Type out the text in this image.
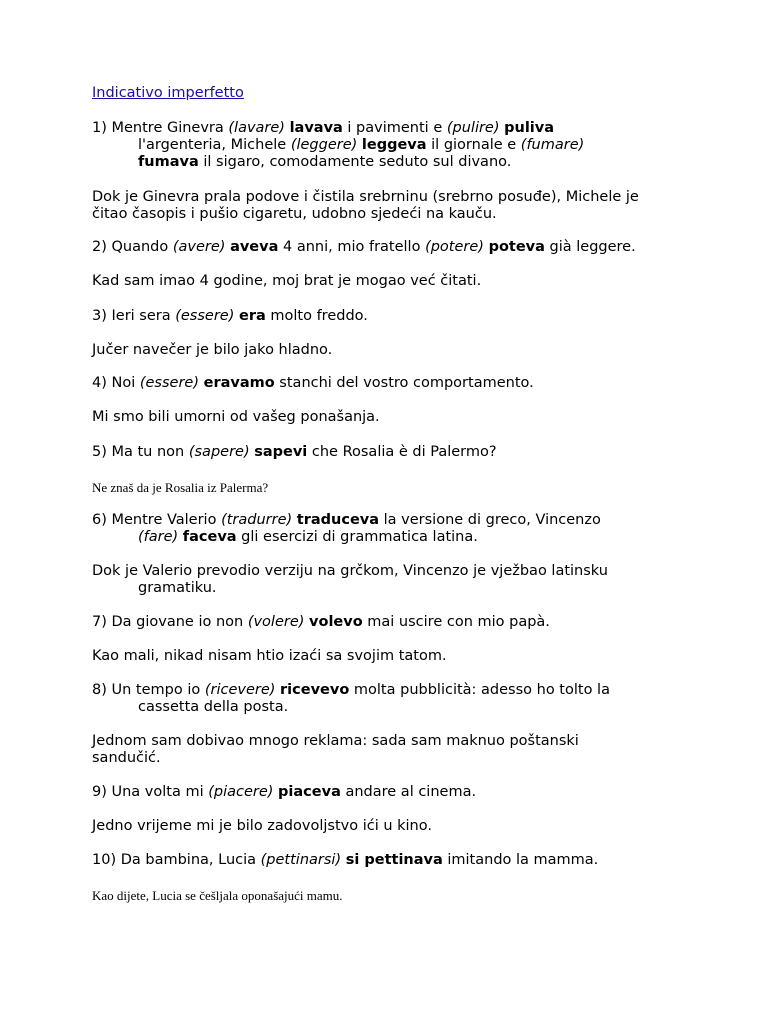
Indicativo imperfetto
1) Mentre Ginevra (lavare) lavava i pavimenti e (pulire) puliva
l'argenteria, Michele (leggere) leggeva il giornale e (fumare)
fumava il sigaro, comodamente seduto sul divano.
Dok je Ginevra prala podove i čistila srebrninu (srebrno posuđe), Michele je
čitao časopis i pušio cigaretu, udobno sjedeći na kauču.
2) Quando (avere) aveva 4 anni, mio fratello (potere) poteva già leggere.
Kad sam imao 4 godine, moj brat je mogao već čitati.
3) Ieri sera (essere) era molto freddo.
Jučer navečer je bilo jako hladno.
4) Noi (essere) eravamo stanchi del vostro comportamento.
Mi smo bili umorni od vašeg ponašanja.
5) Ma tu non (sapere) sapevi che Rosalia è di Palermo?
Ne znaš da je Rosalia iz Palerma?
6) Mentre Valerio (tradurre) traduceva la versione di greco, Vincenzo
(fare) faceva gli esercizi di grammatica latina.
Dok je Valerio prevodio verziju na grčkom, Vincenzo je vježbao latinsku
gramatiku.
7) Da giovane io non (volere) volevo mai uscire con mio papà.
Kao mali, nikad nisam htio izaći sa svojim tatom.
8) Un tempo io (ricevere) ricevevo molta pubblicità: adesso ho tolto la
cassetta della posta.
Jednom sam dobivao mnogo reklama: sada sam maknuo poštanski
sandučić.
9) Una volta mi (piacere) piaceva andare al cinema.
Jedno vrijeme mi je bilo zadovoljstvo ići u kino.
10) Da bambina, Lucia (pettinarsi) si pettinava imitando la mamma.
Kao dijete, Lucia se češljala oponašajući mamu.
